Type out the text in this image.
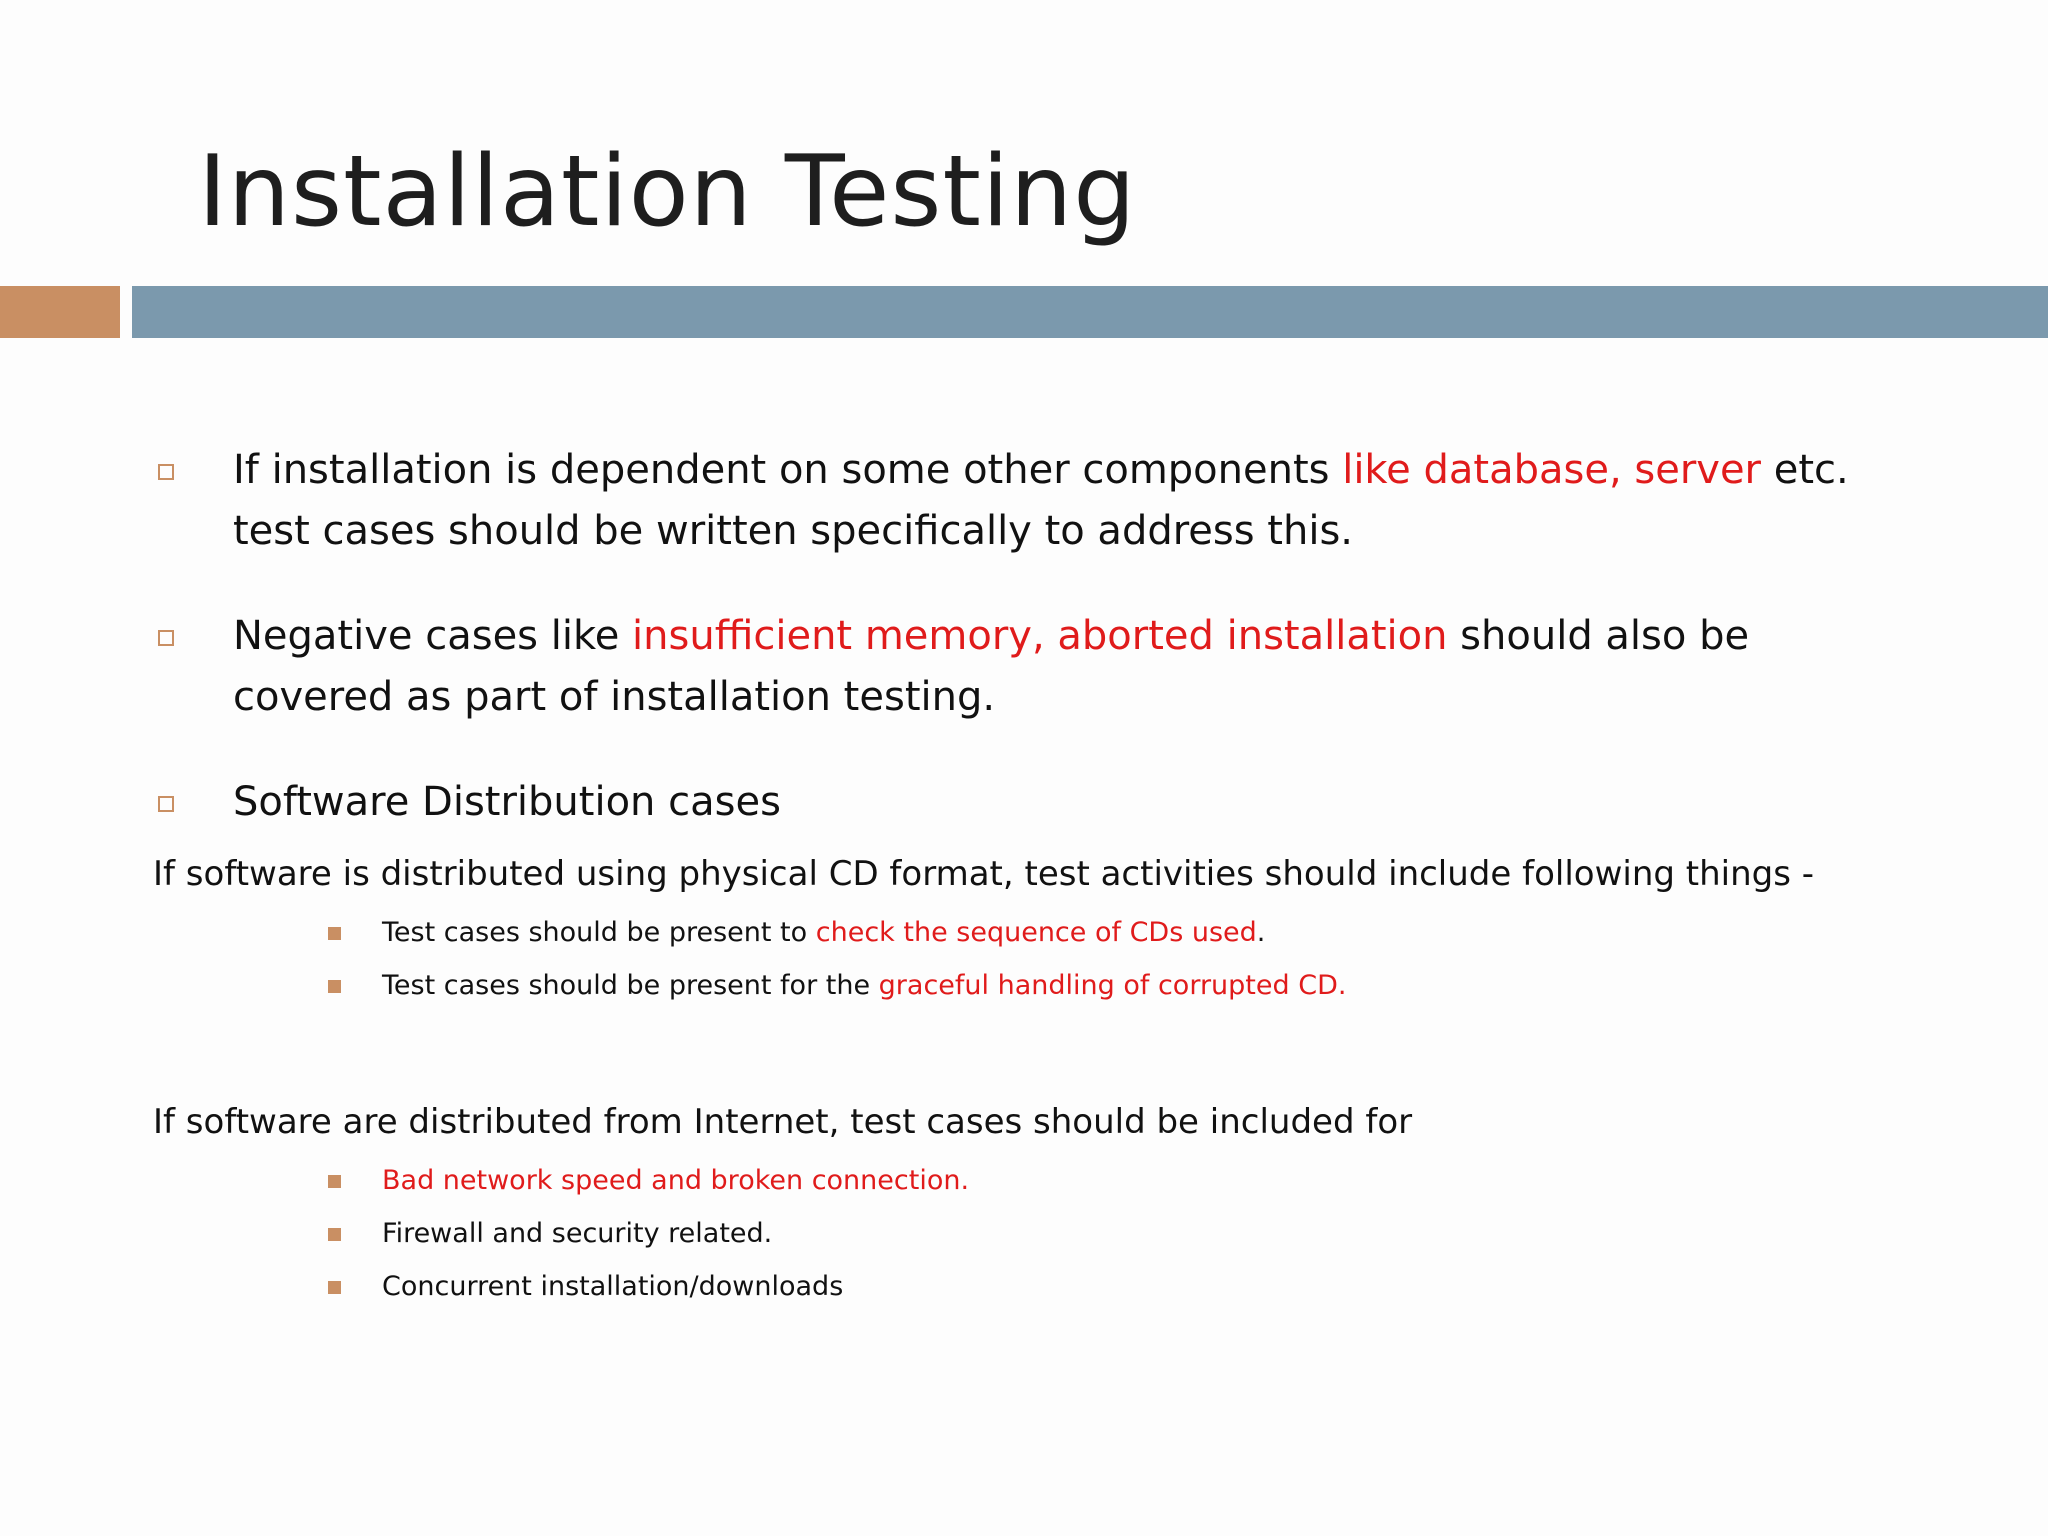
Installation Testing
If installation is dependent on some other components like database, server etc. test cases should be written specifically to address this.
Negative cases like insufficient memory, aborted installation should also be covered as part of installation testing.
Software Distribution cases
If software is distributed using physical CD format, test activities should include following things -
Test cases should be present to check the sequence of CDs used.
Test cases should be present for the graceful handling of corrupted CD.
If software are distributed from Internet, test cases should be included for
Bad network speed and broken connection.
Firewall and security related.
Concurrent installation/downloads
